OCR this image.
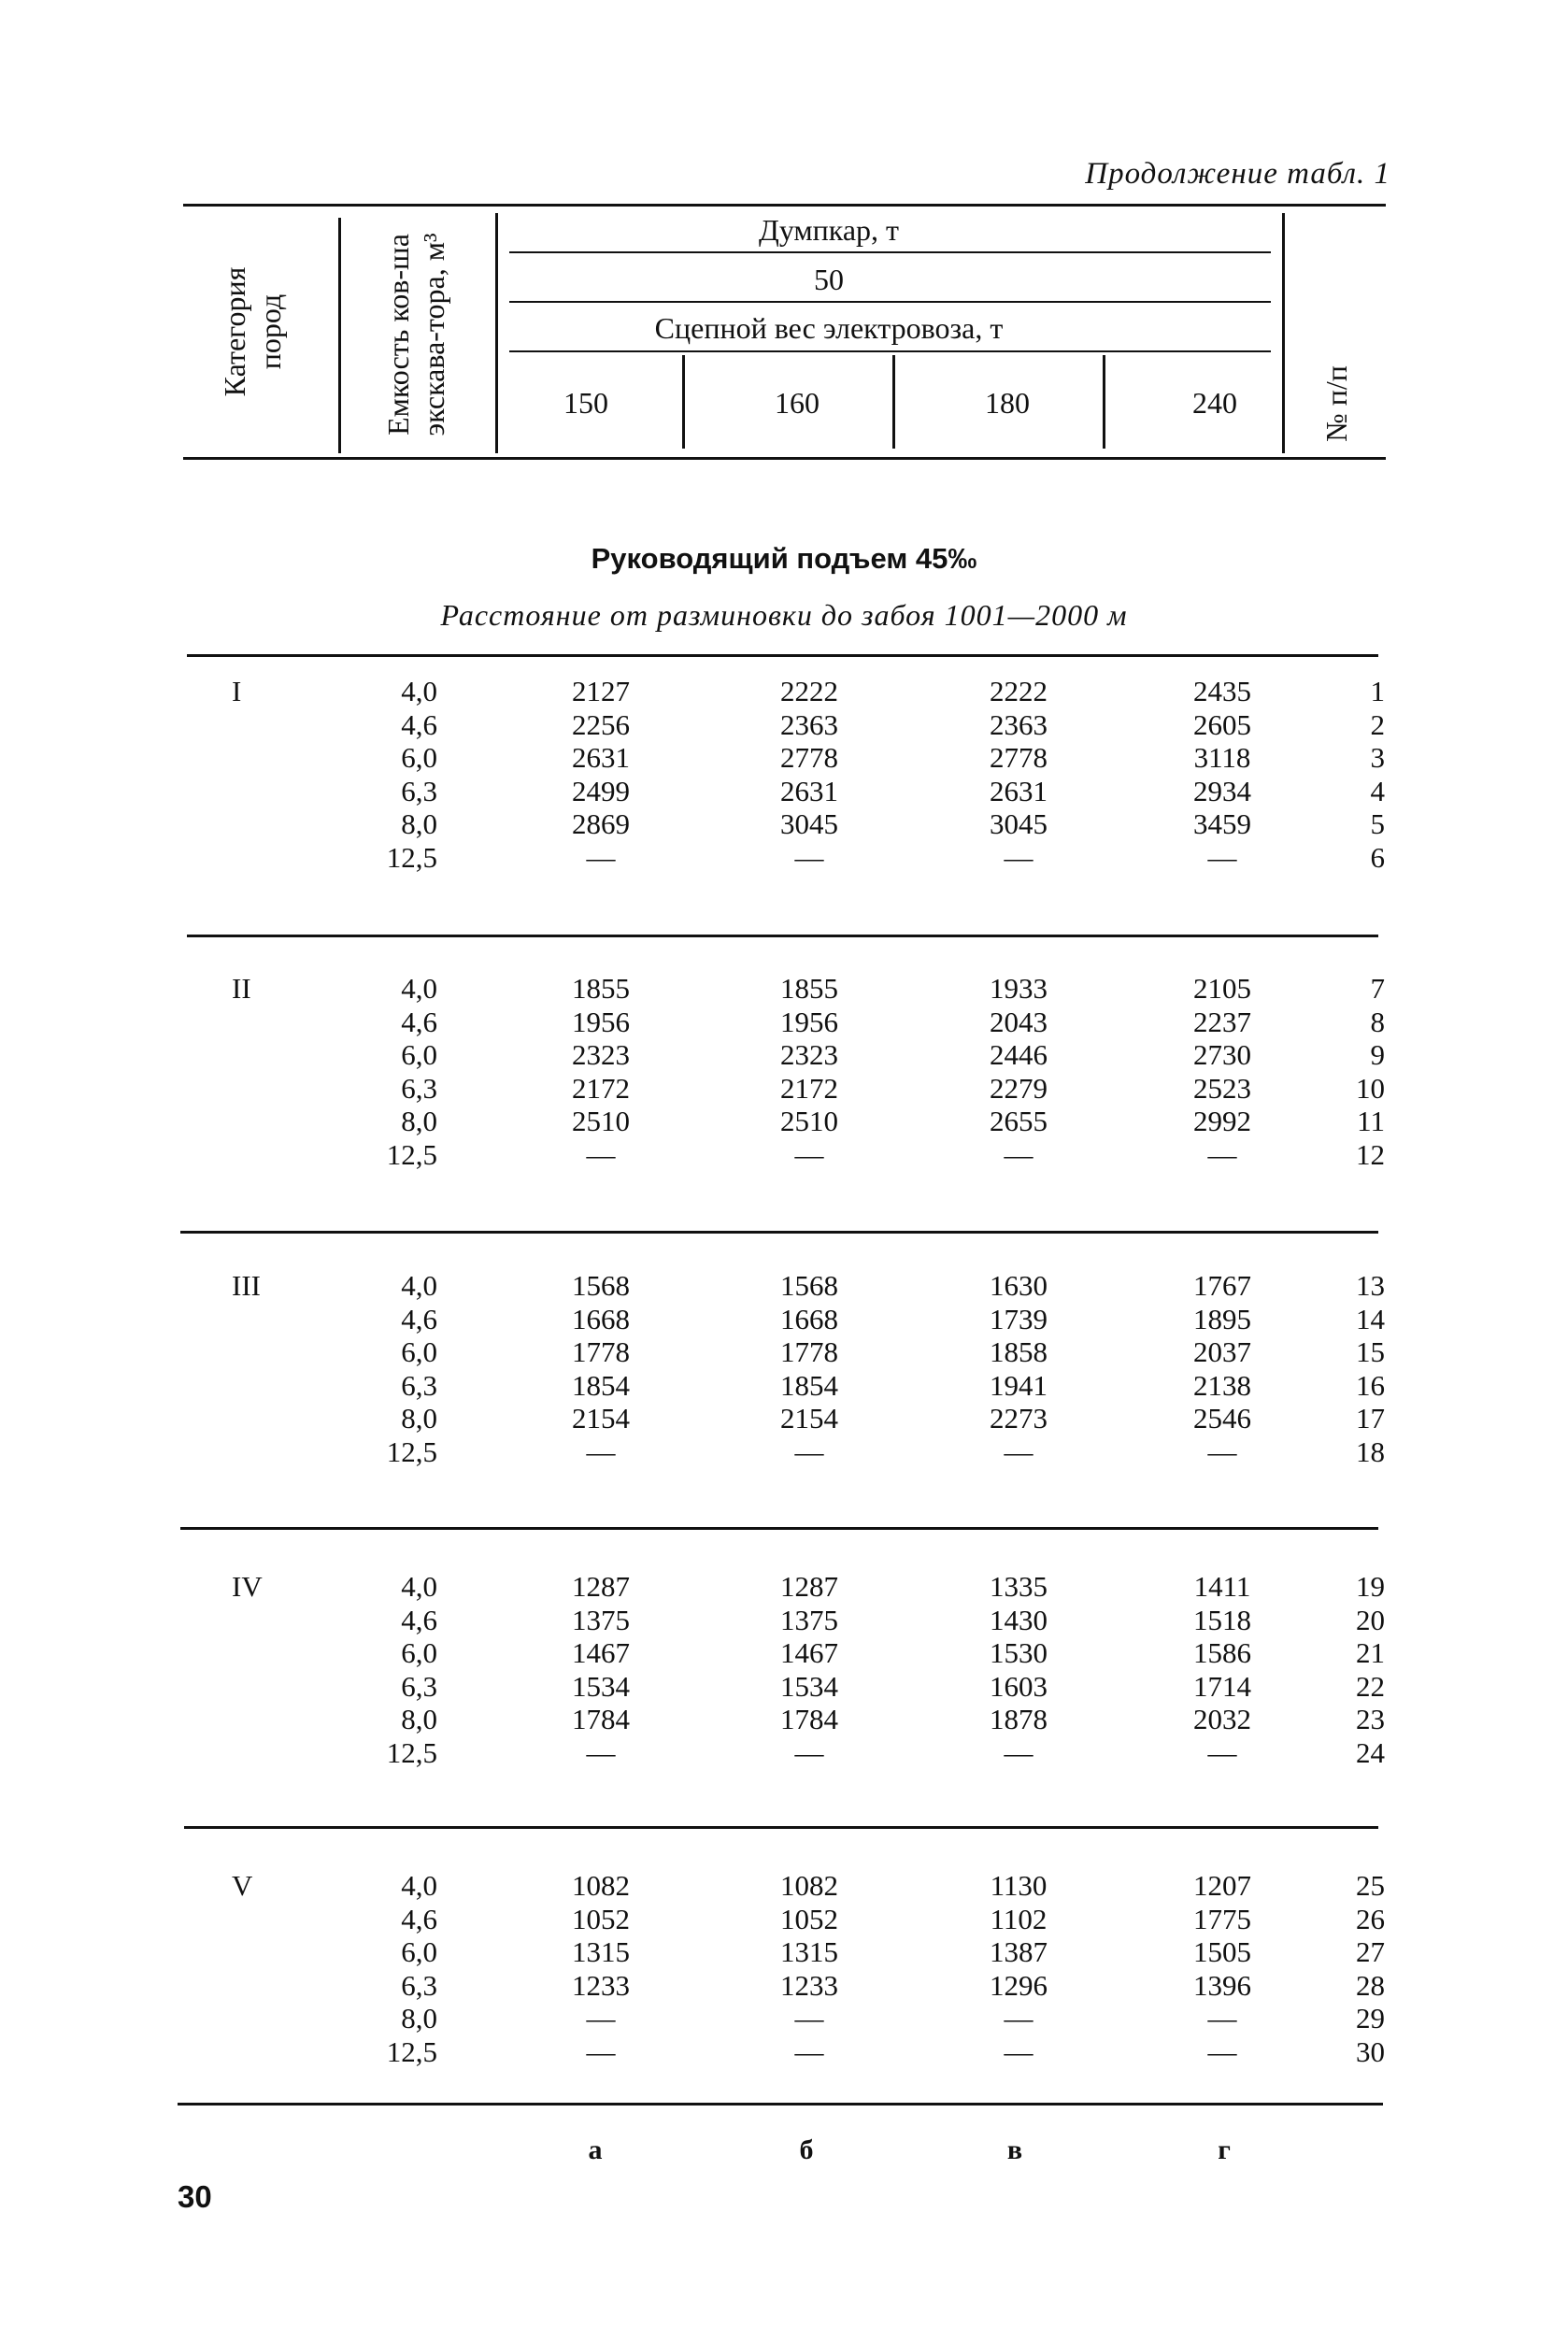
Продолжение табл. 1
Категория пород	Емкость ков-ша экскава-тора, м³	№ п/п
Думпкар, т
50
Сцепной вес электровоза, т
150	160	180	240
Руководящий подъем 45‰
Расстояние от разминовки до забоя 1001—2000 м
I	4,0	2127	2222	2222	2435	1
4,6	2256	2363	2363	2605	2
6,0	2631	2778	2778	3118	3
6,3	2499	2631	2631	2934	4
8,0	2869	3045	3045	3459	5
12,5	—	—	—	—	6
II	4,0	1855	1855	1933	2105	7
4,6	1956	1956	2043	2237	8
6,0	2323	2323	2446	2730	9
6,3	2172	2172	2279	2523	10
8,0	2510	2510	2655	2992	11
12,5	—	—	—	—	12
III	4,0	1568	1568	1630	1767	13
4,6	1668	1668	1739	1895	14
6,0	1778	1778	1858	2037	15
6,3	1854	1854	1941	2138	16
8,0	2154	2154	2273	2546	17
12,5	—	—	—	—	18
IV	4,0	1287	1287	1335	1411	19
4,6	1375	1375	1430	1518	20
6,0	1467	1467	1530	1586	21
6,3	1534	1534	1603	1714	22
8,0	1784	1784	1878	2032	23
12,5	—	—	—	—	24
V	4,0	1082	1082	1130	1207	25
4,6	1052	1052	1102	1775	26
6,0	1315	1315	1387	1505	27
6,3	1233	1233	1296	1396	28
8,0	—	—	—	—	29
12,5	—	—	—	—	30
а	б	в	г
30
